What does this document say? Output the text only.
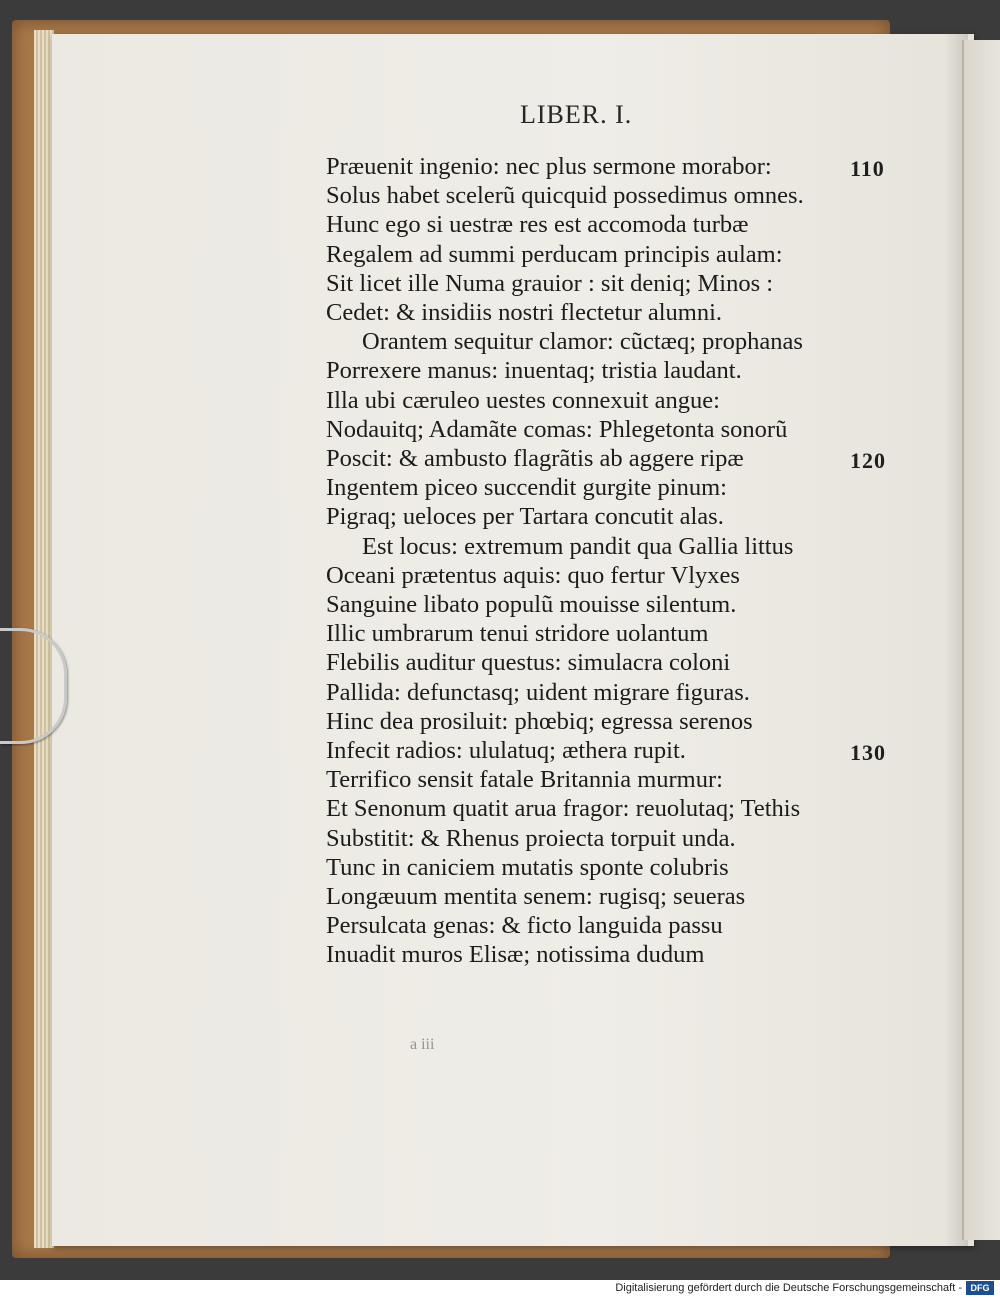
LIBER. I.
Præuenit ingenio: nec plus sermone morabor:
Solus habet scelerũ quicquid possedimus omnes.
Hunc ego si uestræ res est accomoda turbæ
Regalem ad summi perducam principis aulam:
Sit licet ille Numa grauior : sit deniq; Minos :
Cedet: & insidiis nostri flectetur alumni.
Orantem sequitur clamor: cũctæq; prophanas
Porrexere manus: inuentaq; tristia laudant.
Illa ubi cæruleo uestes connexuit angue:
Nodauitq; Adamãte comas: Phlegetonta sonorũ
Poscit: & ambusto flagrãtis ab aggere ripæ
Ingentem piceo succendit gurgite pinum:
Pigraq; ueloces per Tartara concutit alas.
Est locus: extremum pandit qua Gallia littus
Oceani prætentus aquis: quo fertur Vlyxes
Sanguine libato populũ mouisse silentum.
Illic umbrarum tenui stridore uolantum
Flebilis auditur questus: simulacra coloni
Pallida: defunctasq; uident migrare figuras.
Hinc dea prosiluit: phœbiq; egressa serenos
Infecit radios: ululatuq; æthera rupit.
Terrifico sensit fatale Britannia murmur:
Et Senonum quatit arua fragor: reuolutaq; Tethis
Substitit: & Rhenus proiecta torpuit unda.
Tunc in caniciem mutatis sponte colubris
Longæuum mentita senem: rugisq; seueras
Persulcata genas: & ficto languida passu
Inuadit muros Elisæ; notissima dudum
110
120
130
a iii
Digitalisierung gefördert durch die Deutsche Forschungsgemeinschaft - DFG
